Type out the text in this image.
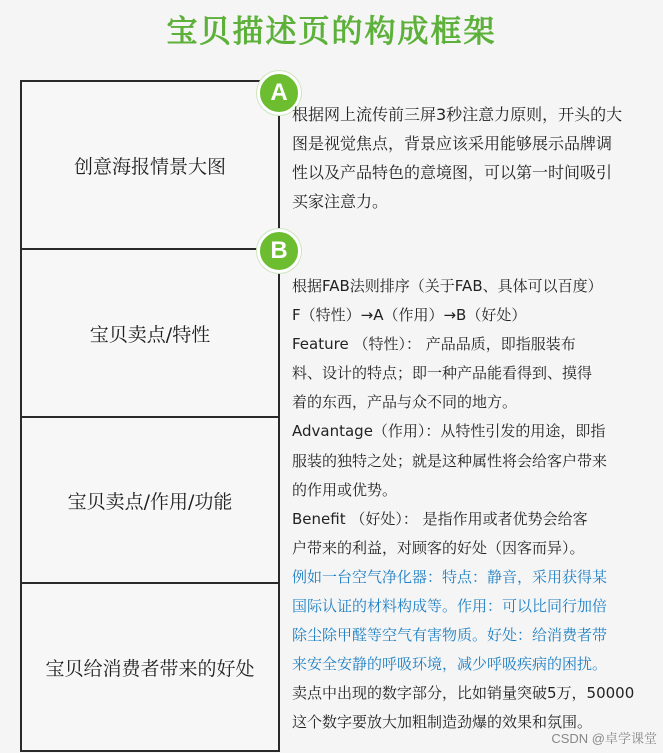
宝贝描述页的构成框架
创意海报情景大图
宝贝卖点/特性
宝贝卖点/作用/功能
宝贝给消费者带来的好处
A
B
根据网上流传前三屏3秒注意力原则，开头的大
图是视觉焦点，背景应该采用能够展示品牌调
性以及产品特色的意境图，可以第一时间吸引
买家注意力。
根据FAB法则排序（关于FAB、具体可以百度）
F（特性）→A（作用）→B（好处）
Feature （特性）： 产品品质，即指服装布
料、设计的特点；即一种产品能看得到、摸得
着的东西，产品与众不同的地方。
Advantage（作用）：从特性引发的用途，即指
服装的独特之处；就是这种属性将会给客户带来
的作用或优势。
Benefit （好处）： 是指作用或者优势会给客
户带来的利益，对顾客的好处（因客而异）。
例如一台空气净化器：特点：静音，采用获得某
国际认证的材料构成等。作用：可以比同行加倍
除尘除甲醛等空气有害物质。好处：给消费者带
来安全安静的呼吸环境，减少呼吸疾病的困扰。
卖点中出现的数字部分，比如销量突破5万，50000
这个数字要放大加粗制造劲爆的效果和氛围。
CSDN @卓学课堂
